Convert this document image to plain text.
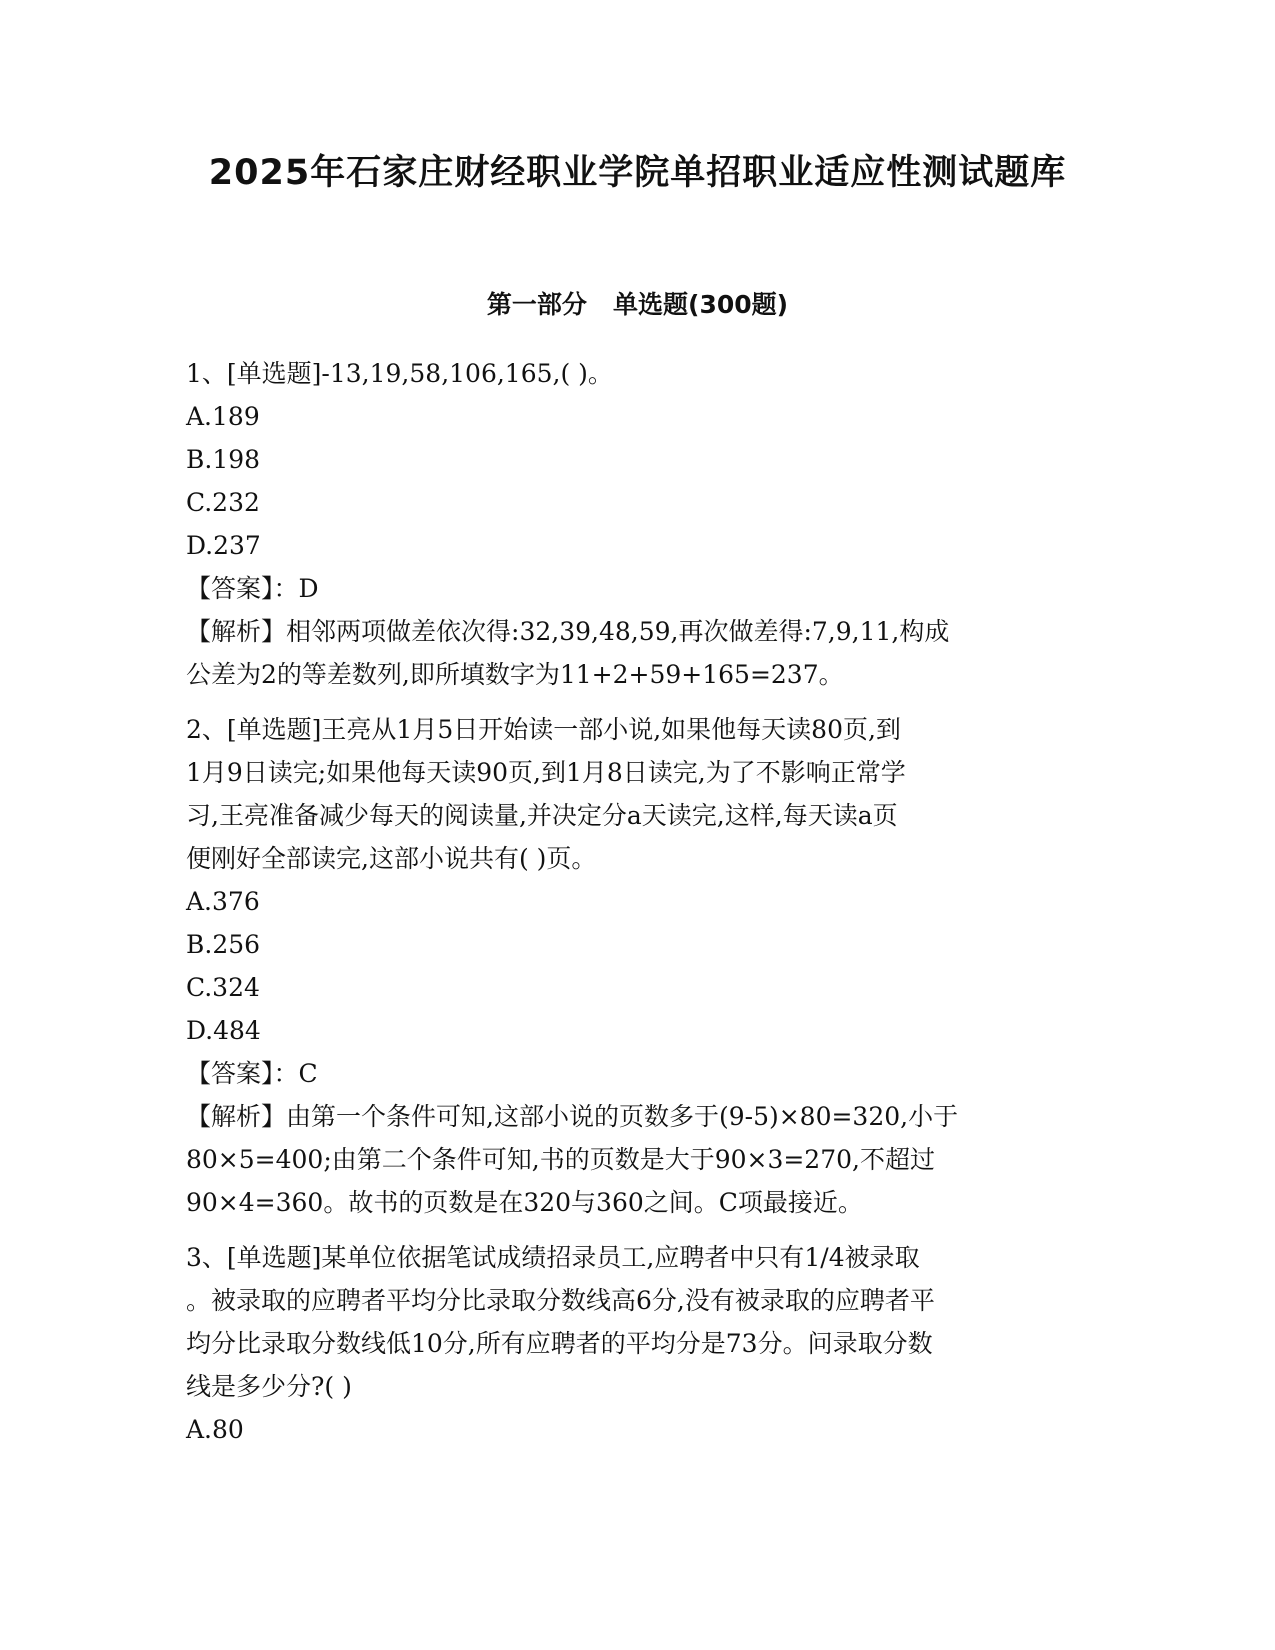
2025年石家庄财经职业学院单招职业适应性测试题库
第一部分   单选题(300题)
1、[单选题]-13,19,58,106,165,( )。
A.189
B.198
C.232
D.237
【答案】：D
【解析】相邻两项做差依次得:32,39,48,59,再次做差得:7,9,11,构成
公差为2的等差数列,即所填数字为11+2+59+165=237。
2、[单选题]王亮从1月5日开始读一部小说,如果他每天读80页,到
1月9日读完;如果他每天读90页,到1月8日读完,为了不影响正常学
习,王亮准备减少每天的阅读量,并决定分a天读完,这样,每天读a页
便刚好全部读完,这部小说共有( )页。
A.376
B.256
C.324
D.484
【答案】：C
【解析】由第一个条件可知,这部小说的页数多于(9-5)×80=320,小于
80×5=400;由第二个条件可知,书的页数是大于90×3=270,不超过
90×4=360。故书的页数是在320与360之间。C项最接近。
3、[单选题]某单位依据笔试成绩招录员工,应聘者中只有1/4被录取
。被录取的应聘者平均分比录取分数线高6分,没有被录取的应聘者平
均分比录取分数线低10分,所有应聘者的平均分是73分。问录取分数
线是多少分?( )
A.80
